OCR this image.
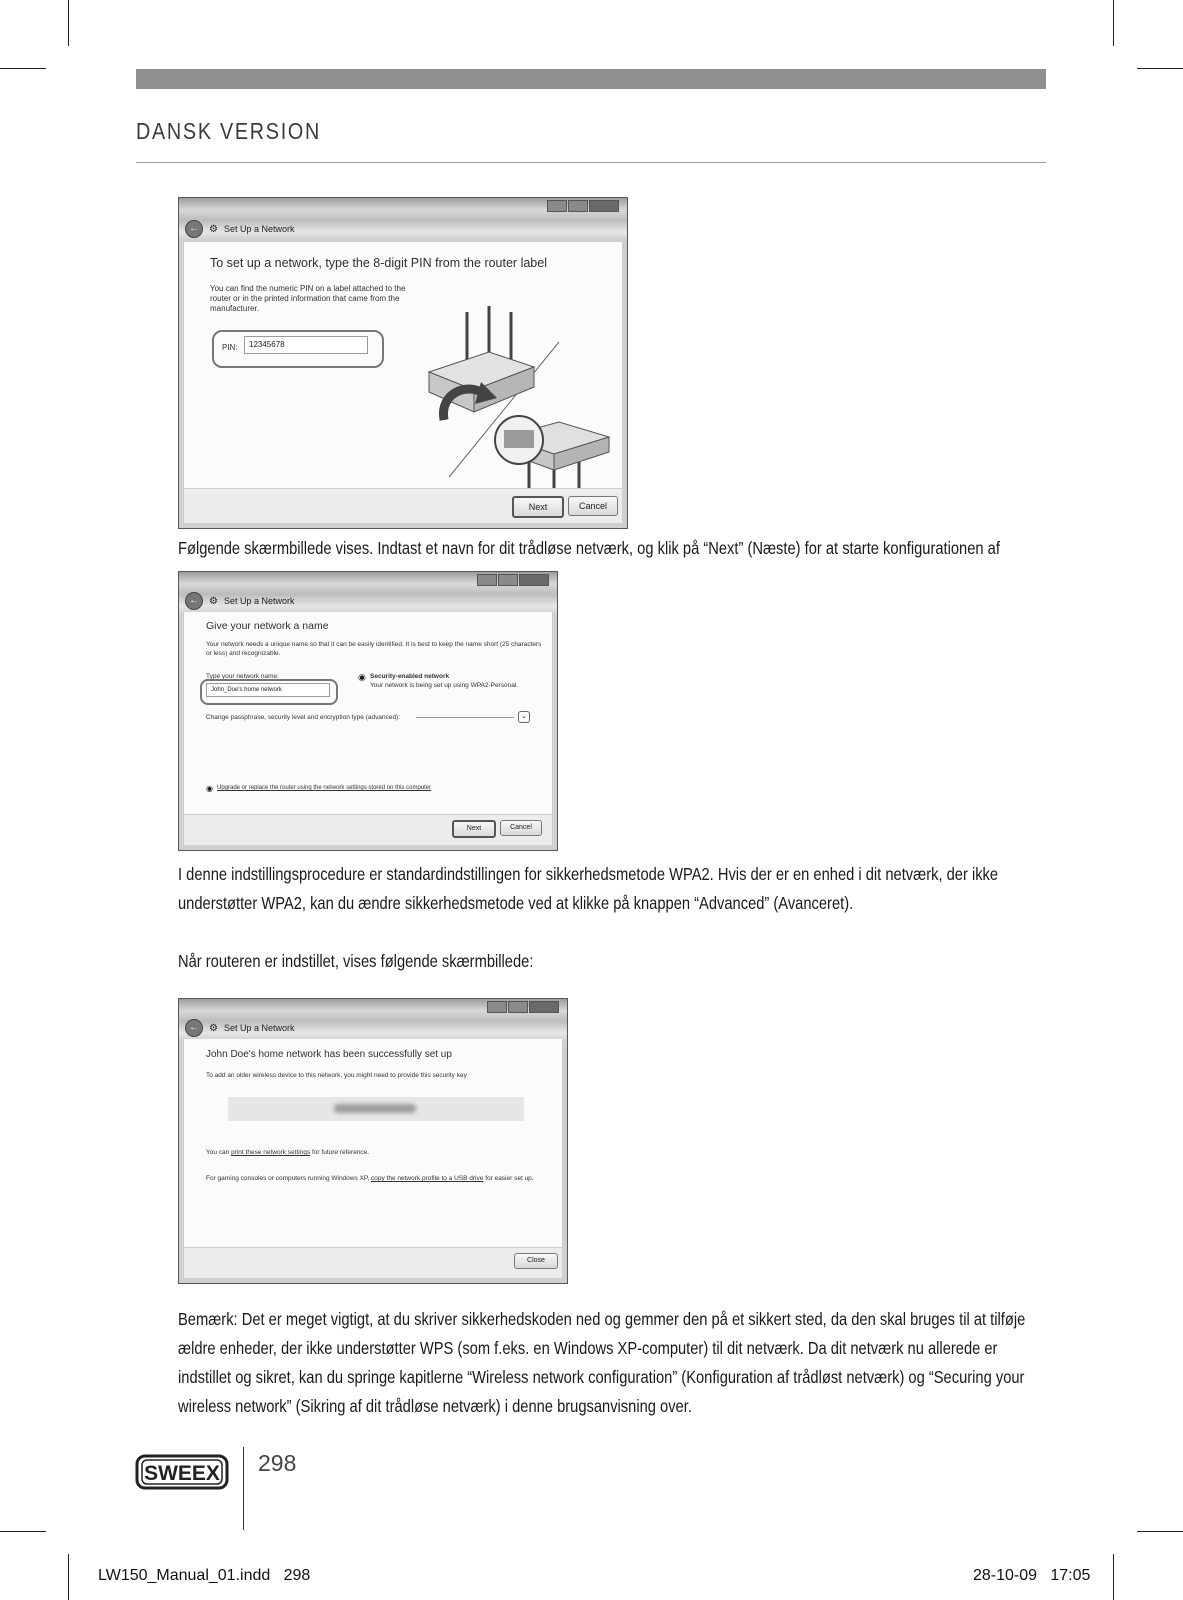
DANSK VERSION
←	⚙ Set Up a Network
To set up a network, type the 8-digit PIN from the router label
You can find the numeric PIN on a label attached to the router or in the printed information that came from the manufacturer.
PIN:	12345678
Next	Cancel
Følgende skærmbillede vises. Indtast et navn for dit trådløse netværk, og klik på “Next” (Næste) for at starte konfigurationen af
←	⚙ Set Up a Network
Give your network a name
Your network needs a unique name so that it can be easily identified. It is best to keep the name short (25 characters or less) and recognizable.
Type your network name:
John_Doe's home network
◉ Security-enabled network
Your network is being set up using WPA2-Personal.
Change passphrase, security level and encryption type (advanced):	⌄
◉ Upgrade or replace the router using the network settings stored on this computer
Next	Cancel
I denne indstillingsprocedure er standardindstillingen for sikkerhedsmetode WPA2. Hvis der er en enhed i dit netværk, der ikke understøtter WPA2, kan du ændre sikkerhedsmetode ved at klikke på knappen “Advanced” (Avanceret).
Når routeren er indstillet, vises følgende skærmbillede:
←	⚙ Set Up a Network
John Doe's home network has been successfully set up
To add an older wireless device to this network, you might need to provide this security key
You can print these network settings for future reference.
For gaming consoles or computers running Windows XP, copy the network profile to a USB drive for easier set up.
Close
Bemærk: Det er meget vigtigt, at du skriver sikkerhedskoden ned og gemmer den på et sikkert sted, da den skal bruges til at tilføje ældre enheder, der ikke understøtter WPS (som f.eks. en Windows XP-computer) til dit netværk. Da dit netværk nu allerede er indstillet og sikret, kan du springe kapitlerne “Wireless network configuration” (Konfiguration af trådløst netværk) og “Securing your wireless network” (Sikring af dit trådløse netværk) i denne brugsanvisning over.
SWEEX 298
LW150_Manual_01.indd   298	28-10-09   17:05
